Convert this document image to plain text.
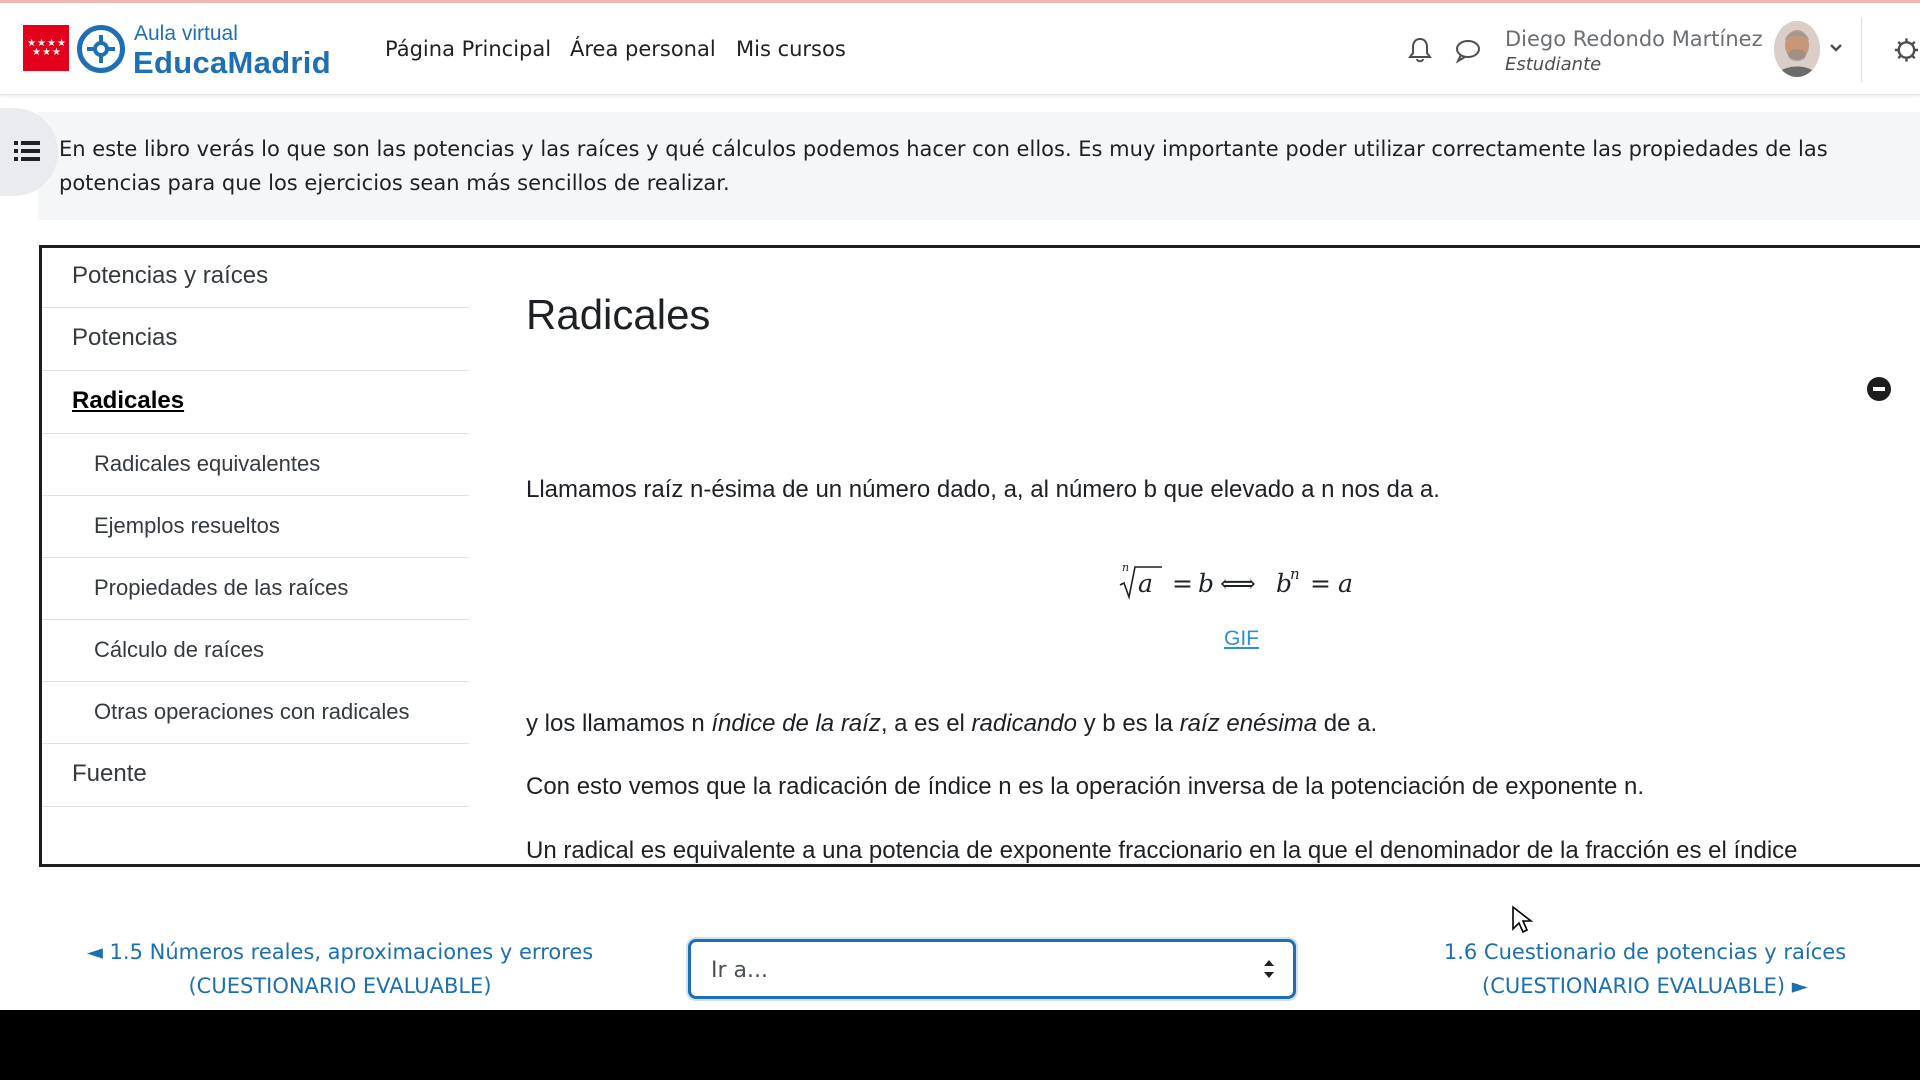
★★★★
★★★
Aula virtual
EducaMadrid	Página Principal Área personal Mis cursos	Diego Redondo Martínez
Estudiante

En este libro verás lo que son las potencias y las raíces y qué cálculos podemos hacer con ellos. Es muy importante poder utilizar correctamente las propiedades de las potencias para que los ejercicios sean más sencillos de realizar.

Potencias y raíces
Potencias
Radicales
Radicales equivalentes
Ejemplos resueltos
Propiedades de las raíces
Cálculo de raíces
Otras operaciones con radicales
Fuente
Radicales
Llamamos raíz n-ésima de un número dado, a, al número b que elevado a n nos da a.
n
a = b ⟺ b
n = a
GIF
y los llamamos n índice de la raíz, a es el radicando y b es la raíz enésima de a.
Con esto vemos que la radicación de índice n es la operación inversa de la potenciación de exponente n.
Un radical es equivalente a una potencia de exponente fraccionario en la que el denominador de la fracción es el índice
◄ 1.5 Números reales, aproximaciones y errores
(CUESTIONARIO EVALUABLE)
Ir a...
1.6 Cuestionario de potencias y raíces
(CUESTIONARIO EVALUABLE) ►
